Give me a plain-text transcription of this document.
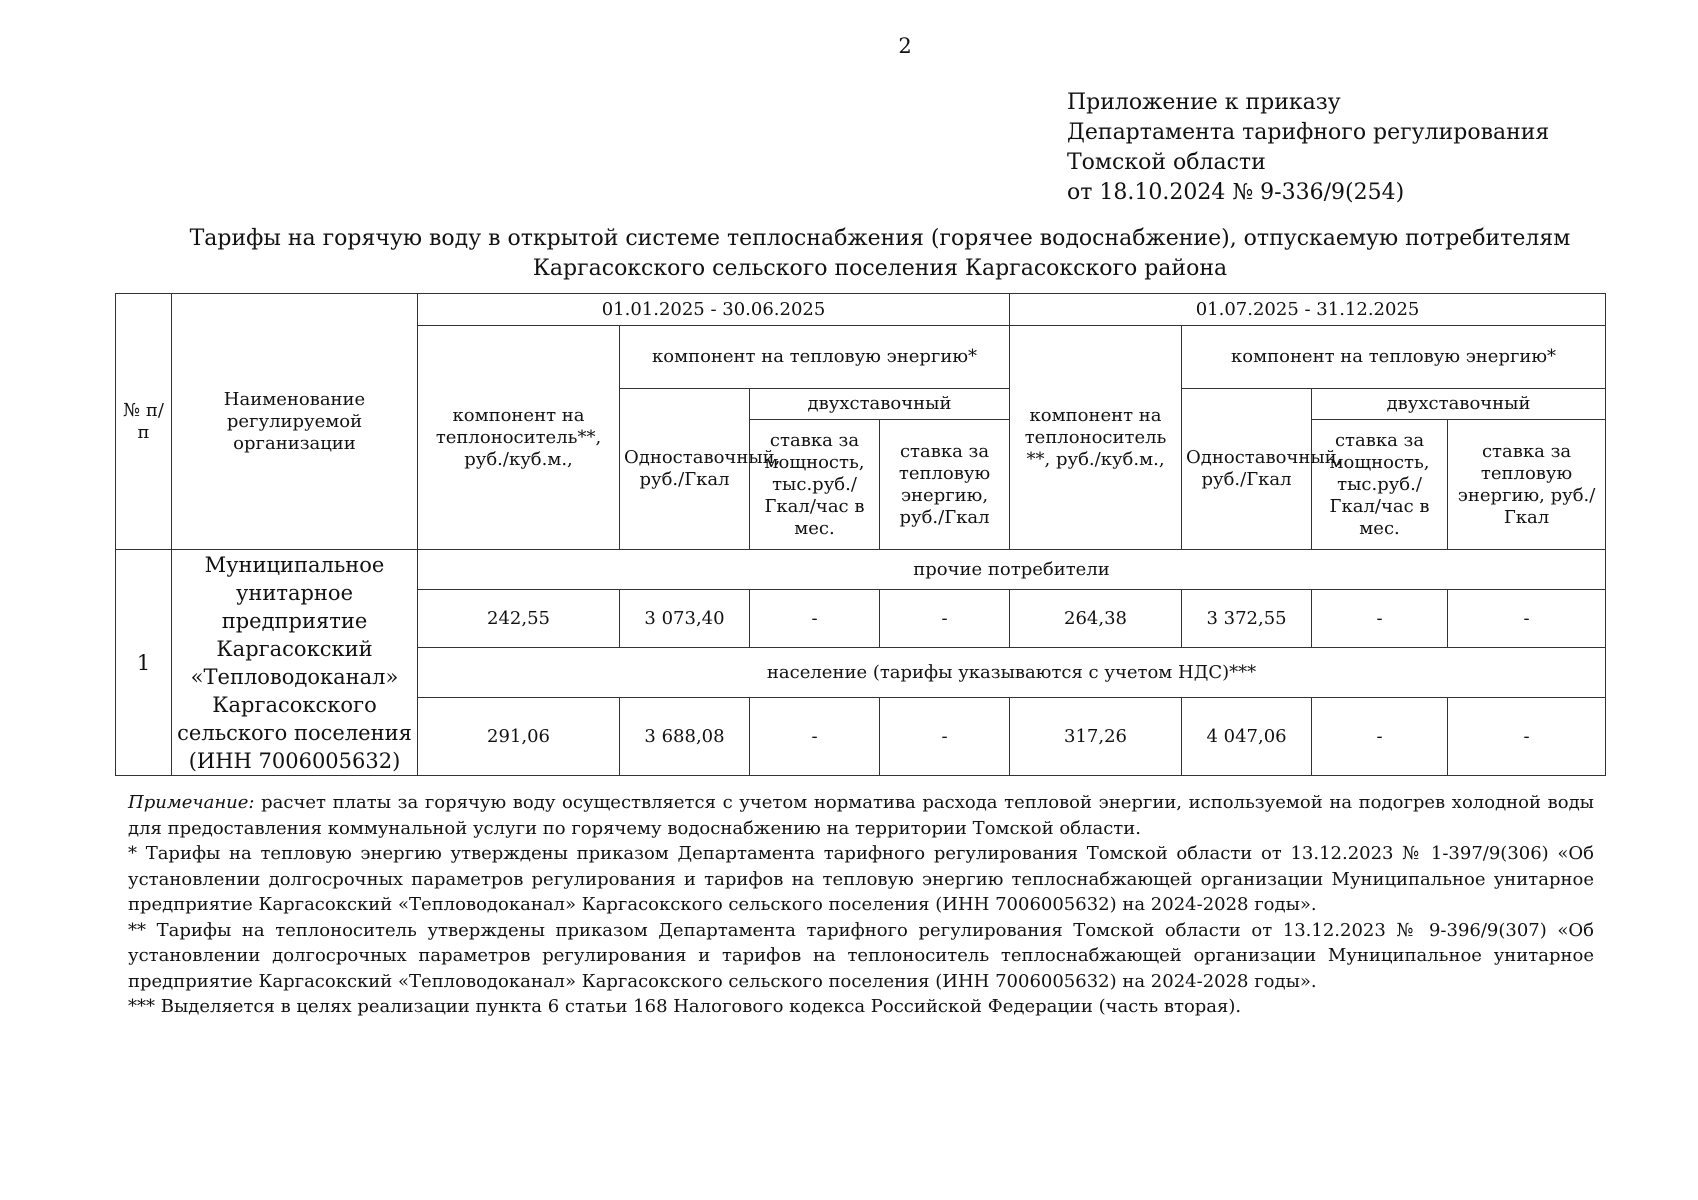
2
Приложение к приказу
Департамента тарифного регулирования
Томской области
от 18.10.2024 № 9-336/9(254)
Тарифы на горячую воду в открытой системе теплоснабжения (горячее водоснабжение), отпускаемую потребителям
Каргасокского сельского поселения Каргасокского района
№ п/п	Наименование регулируемой организации	01.01.2025 - 30.06.2025				01.07.2025 - 31.12.2025			
		компонент на теплоноситель**, руб./куб.м.,	компонент на тепловую энергию*			компонент на теплоноситель **, руб./куб.м.,	компонент на тепловую энергию*		
			Одноставочный, руб./Гкал	двухставочный			Одноставочный, руб./Гкал	двухставочный	
				ставка за мощность, тыс.руб./ Гкал/час в мес.	ставка за тепловую энергию, руб./Гкал			ставка за мощность, тыс.руб./ Гкал/час в мес.	ставка за тепловую энергию, руб./Гкал
1	Муниципальное унитарное предприятие Каргасокский «Тепловодоканал» Каргасокского сельского поселения (ИНН 7006005632)	прочие потребители							
		242,55	3 073,40	-	-	264,38	3 372,55	-	-
		население (тарифы указываются с учетом НДС)***							
		291,06	3 688,08	-	-	317,26	4 047,06	-	-

Примечание: расчет платы за горячую воду осуществляется с учетом норматива расхода тепловой энергии, используемой на подогрев холодной воды для предоставления коммунальной услуги по горячему водоснабжению на территории Томской области.

* Тарифы на тепловую энергию утверждены приказом Департамента тарифного регулирования Томской области от 13.12.2023 № 1-397/9(306) «Об установлении долгосрочных параметров регулирования и тарифов на тепловую энергию теплоснабжающей организации Муниципальное унитарное предприятие Каргасокский «Тепловодоканал» Каргасокского сельского поселения (ИНН 7006005632) на 2024-2028 годы».

** Тарифы на теплоноситель утверждены приказом Департамента тарифного регулирования Томской области от 13.12.2023 № 9-396/9(307) «Об установлении долгосрочных параметров регулирования и тарифов на теплоноситель теплоснабжающей организации Муниципальное унитарное предприятие Каргасокский «Тепловодоканал» Каргасокского сельского поселения (ИНН 7006005632) на 2024-2028 годы».

*** Выделяется в целях реализации пункта 6 статьи 168 Налогового кодекса Российской Федерации (часть вторая).
